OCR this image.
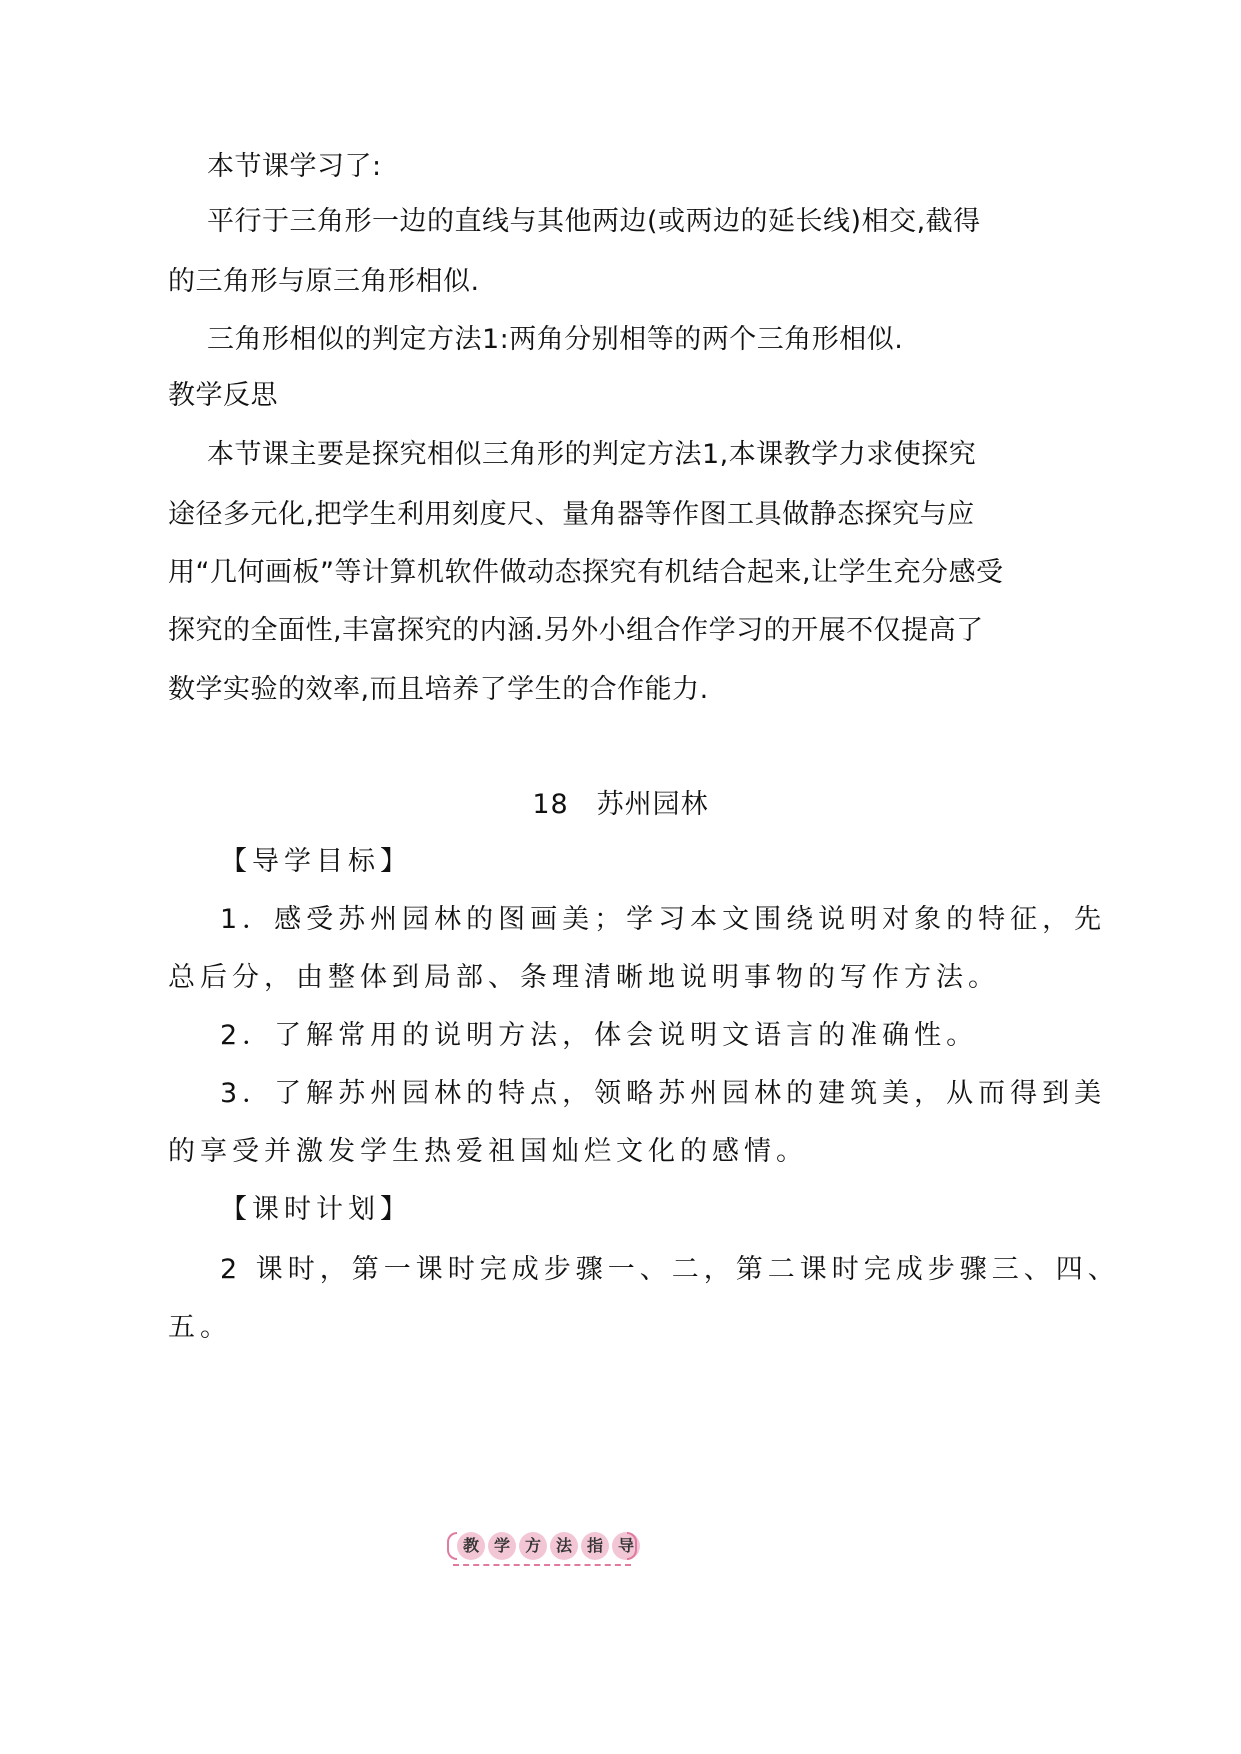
本节课学习了:
平行于三角形一边的直线与其他两边(或两边的延长线)相交,截得
的三角形与原三角形相似.
三角形相似的判定方法1:两角分别相等的两个三角形相似.
教学反思
本节课主要是探究相似三角形的判定方法1,本课教学力求使探究
途径多元化,把学生利用刻度尺、量角器等作图工具做静态探究与应
用“几何画板”等计算机软件做动态探究有机结合起来,让学生充分感受
探究的全面性,丰富探究的内涵.另外小组合作学习的开展不仅提高了
数学实验的效率,而且培养了学生的合作能力.
18 苏州园林
【导学目标】
1．感受苏州园林的图画美；学习本文围绕说明对象的特征，先
总后分，由整体到局部、条理清晰地说明事物的写作方法。
2．了解常用的说明方法，体会说明文语言的准确性。
3．了解苏州园林的特点，领略苏州园林的建筑美，从而得到美
的享受并激发学生热爱祖国灿烂文化的感情。
【课时计划】
2 课时，第一课时完成步骤一、二，第二课时完成步骤三、四、
五。
教 学 方 法 指 导
